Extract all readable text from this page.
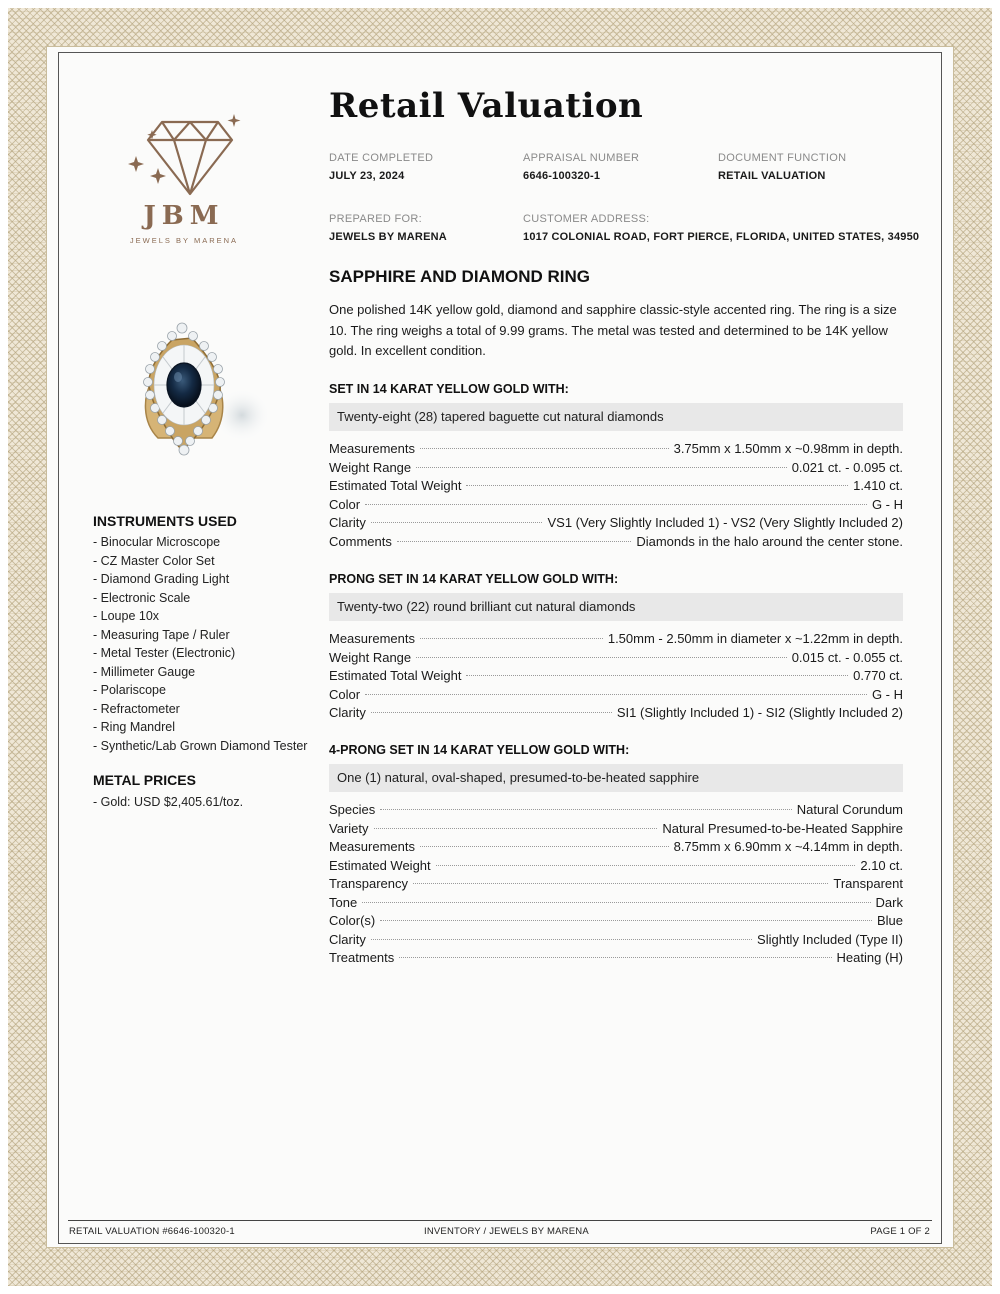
JBM
JEWELS BY MARENA
Retail Valuation
DATE COMPLETED
JULY 23, 2024
APPRAISAL NUMBER
6646-100320-1
DOCUMENT FUNCTION
RETAIL VALUATION
PREPARED FOR:
JEWELS BY MARENA
CUSTOMER ADDRESS:
1017 COLONIAL ROAD, FORT PIERCE, FLORIDA, UNITED STATES, 34950
INSTRUMENTS USED
- Binocular Microscope
- CZ Master Color Set
- Diamond Grading Light
- Electronic Scale
- Loupe 10x
- Measuring Tape / Ruler
- Metal Tester (Electronic)
- Millimeter Gauge
- Polariscope
- Refractometer
- Ring Mandrel
- Synthetic/Lab Grown Diamond Tester
METAL PRICES
- Gold: USD $2,405.61/toz.
SAPPHIRE AND DIAMOND RING
One polished 14K yellow gold, diamond and sapphire classic-style accented ring. The ring is a size 10. The ring weighs a total of 9.99 grams. The metal was tested and determined to be 14K yellow gold. In excellent condition.
SET IN 14 KARAT YELLOW GOLD WITH:
Twenty-eight (28) tapered baguette cut natural diamonds
Measurements	3.75mm x 1.50mm x ~0.98mm in depth.
Weight Range	0.021 ct. - 0.095 ct.
Estimated Total Weight	1.410 ct.
Color	G - H
Clarity	VS1 (Very Slightly Included 1) - VS2 (Very Slightly Included 2)
Comments	Diamonds in the halo around the center stone.
PRONG SET IN 14 KARAT YELLOW GOLD WITH:
Twenty-two (22) round brilliant cut natural diamonds
Measurements	1.50mm - 2.50mm in diameter x ~1.22mm in depth.
Weight Range	0.015 ct. - 0.055 ct.
Estimated Total Weight	0.770 ct.
Color	G - H
Clarity	SI1 (Slightly Included 1) - SI2 (Slightly Included 2)
4-PRONG SET IN 14 KARAT YELLOW GOLD WITH:
One (1) natural, oval-shaped, presumed-to-be-heated sapphire
Species	Natural Corundum
Variety	Natural Presumed-to-be-Heated Sapphire
Measurements	8.75mm x 6.90mm x ~4.14mm in depth.
Estimated Weight	2.10 ct.
Transparency	Transparent
Tone	Dark
Color(s)	Blue
Clarity	Slightly Included (Type II)
Treatments	Heating (H)
RETAIL VALUATION #6646-100320-1	INVENTORY / JEWELS BY MARENA	PAGE 1 OF 2
